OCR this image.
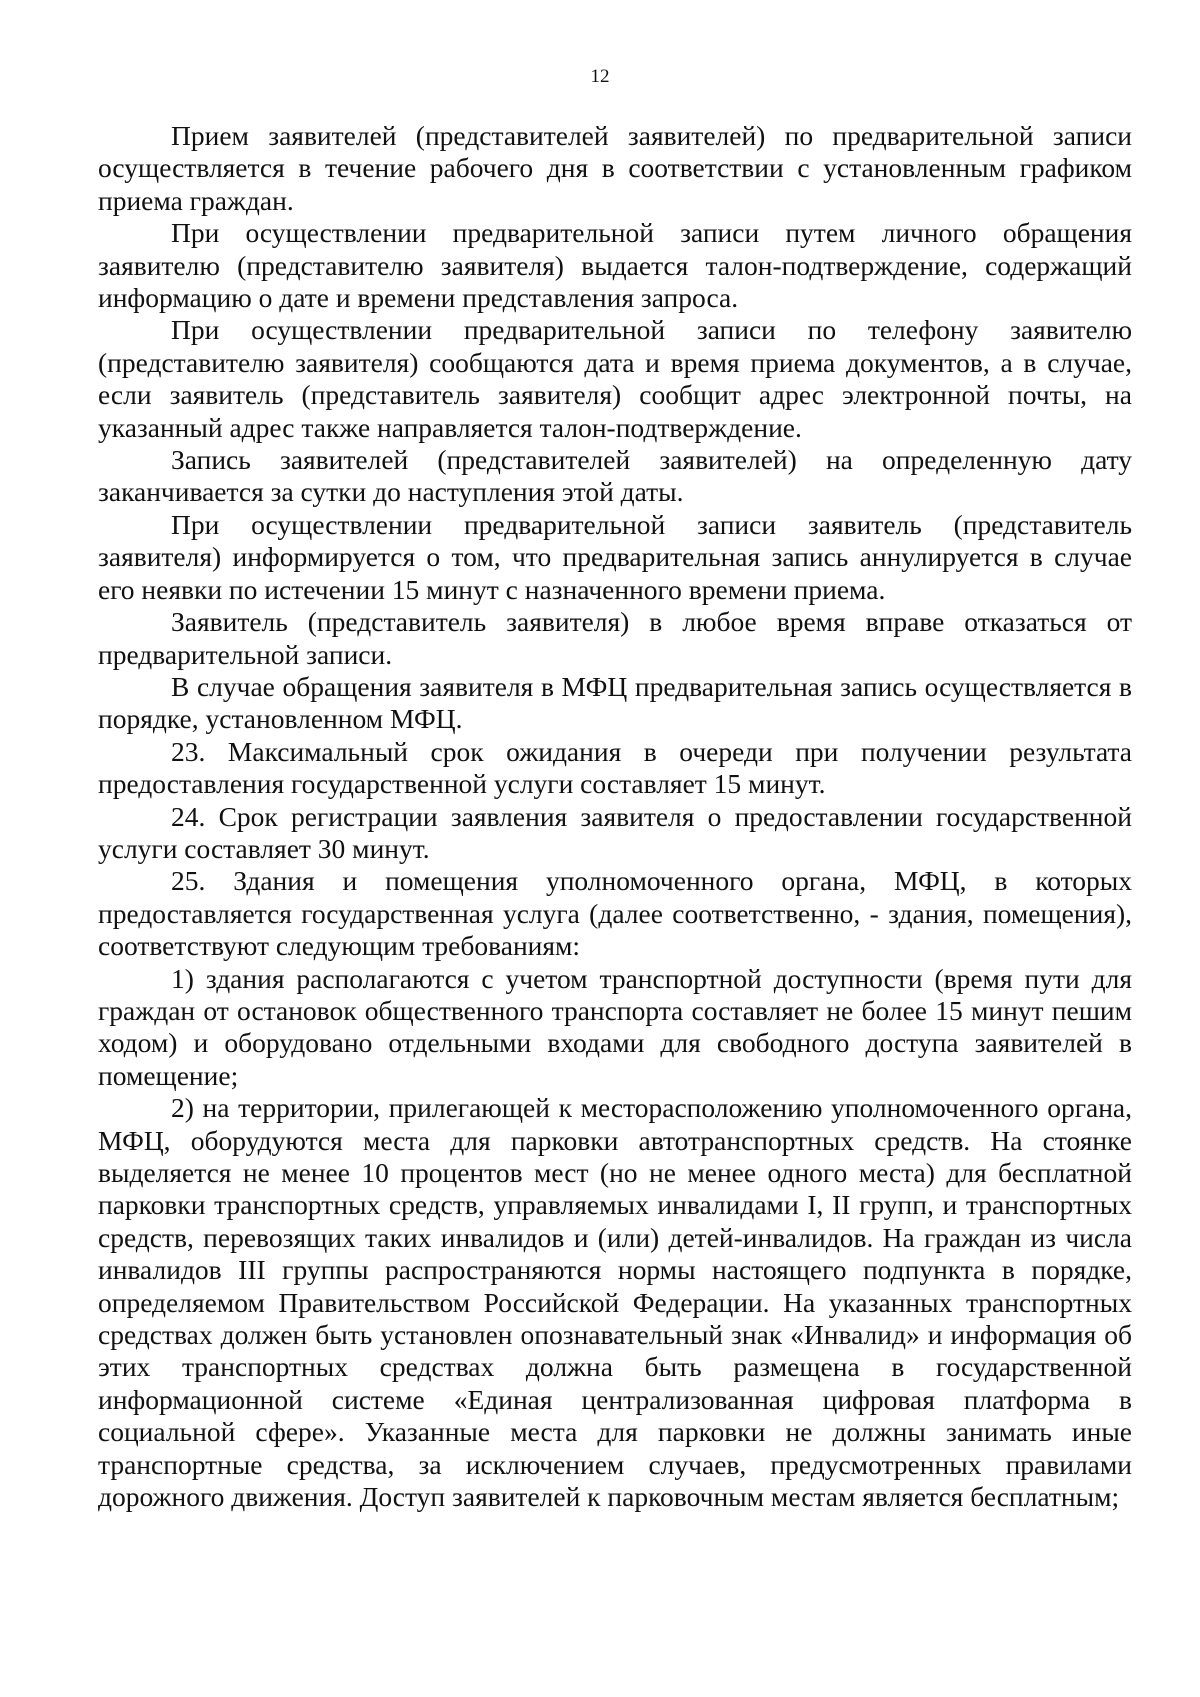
12

Прием заявителей (представителей заявителей) по предварительной записи осуществляется в течение рабочего дня в соответствии с установленным графиком приема граждан.

При осуществлении предварительной записи путем личного обращения заявителю (представителю заявителя) выдается талон-подтверждение, содержащий информацию о дате и времени представления запроса.

При осуществлении предварительной записи по телефону заявителю (представителю заявителя) сообщаются дата и время приема документов, а в случае, если заявитель (представитель заявителя) сообщит адрес электронной почты, на указанный адрес также направляется талон-подтверждение.

Запись заявителей (представителей заявителей) на определенную дату заканчивается за сутки до наступления этой даты.

При осуществлении предварительной записи заявитель (представитель заявителя) информируется о том, что предварительная запись аннулируется в случае его неявки по истечении 15 минут с назначенного времени приема.

Заявитель (представитель заявителя) в любое время вправе отказаться от предварительной записи.

В случае обращения заявителя в МФЦ предварительная запись осуществляется в порядке, установленном МФЦ.

23. Максимальный срок ожидания в очереди при получении результата предоставления государственной услуги составляет 15 минут.

24. Срок регистрации заявления заявителя о предоставлении государственной услуги составляет 30 минут.

25. Здания и помещения уполномоченного органа, МФЦ, в которых предоставляется государственная услуга (далее соответственно, - здания, помещения), соответствуют следующим требованиям:

1) здания располагаются с учетом транспортной доступности (время пути для граждан от остановок общественного транспорта составляет не более 15 минут пешим ходом) и оборудовано отдельными входами для свободного доступа заявителей в помещение;

2) на территории, прилегающей к месторасположению уполномоченного органа, МФЦ, оборудуются места для парковки автотранспортных средств. На стоянке выделяется не менее 10 процентов мест (но не менее одного места) для бесплатной парковки транспортных средств, управляемых инвалидами I, II групп, и транспортных средств, перевозящих таких инвалидов и (или) детей-инвалидов. На граждан из числа инвалидов III группы распространяются нормы настоящего подпункта в порядке, определяемом Правительством Российской Федерации. На указанных транспортных средствах должен быть установлен опознавательный знак «Инвалид» и информация об этих транспортных средствах должна быть размещена в государственной информационной системе «Единая централизованная цифровая платформа в социальной сфере». Указанные места для парковки не должны занимать иные транспортные средства, за исключением случаев, предусмотренных правилами дорожного движения. Доступ заявителей к парковочным местам является бесплатным;
